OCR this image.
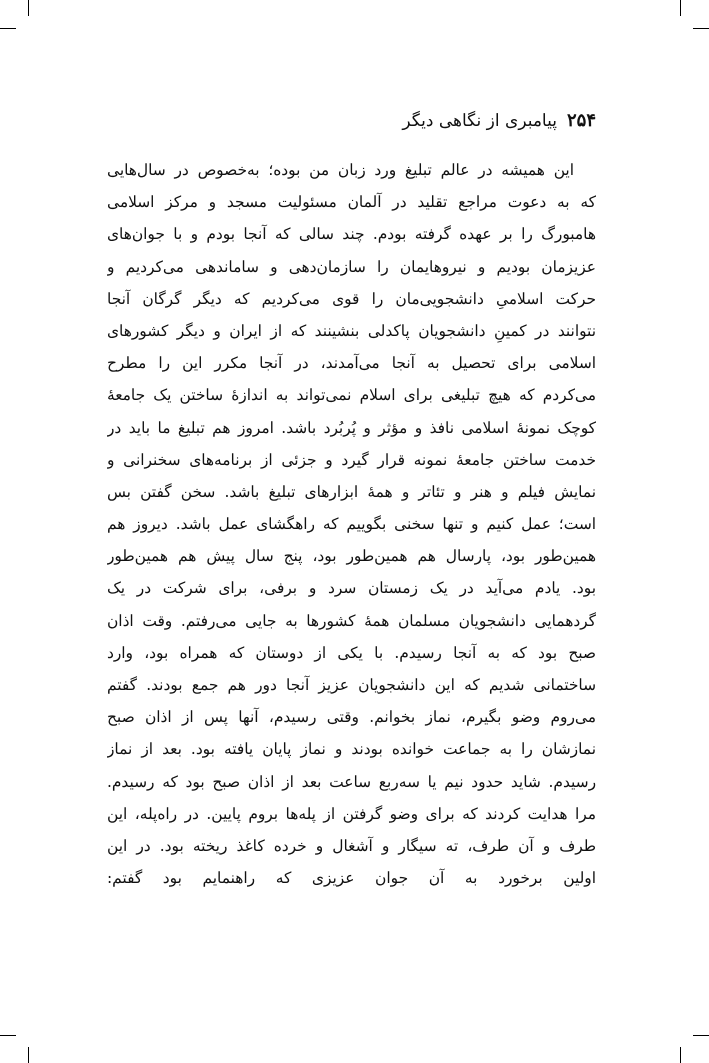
۲۵۴
پیامبری از نگاهی دیگر
این همیشه در عالم تبلیغ ورد زبان من بوده؛ به‌خصوص در سال‌هایی
که به دعوت مراجع تقلید در آلمان مسئولیت مسجد و مرکز اسلامی
هامبورگ را بر عهده گرفته بودم. چند سالی که آنجا بودم و با جوان‌های
عزیزمان بودیم و نیروهایمان را سازمان‌دهی و ساماندهی می‌کردیم و
حرکت اسلامیِ دانشجویی‌مان را قوی می‌کردیم که دیگر گرگان آنجا
نتوانند در کمینِ دانشجویان پاکدلی بنشینند که از ایران و دیگر کشورهای
اسلامی برای تحصیل به آنجا می‌آمدند، در آنجا مکرر این را مطرح
می‌کردم که هیچ تبلیغی برای اسلام نمی‌تواند به اندازهٔ ساختن یک جامعهٔ
کوچک نمونهٔ اسلامی نافذ و مؤثر و پُربُرد باشد. امروز هم تبلیغ ما باید در
خدمت ساختن جامعهٔ نمونه قرار گیرد و جزئی از برنامه‌های سخنرانی و
نمایش فیلم و هنر و تئاتر و همهٔ ابزارهای تبلیغ باشد. سخن گفتن بس
است؛ عمل کنیم و تنها سخنی بگوییم که راهگشای عمل باشد. دیروز هم
همین‌طور بود، پارسال هم همین‌طور بود، پنج سال پیش هم همین‌طور
بود. یادم می‌آید در یک زمستان سرد و برفی، برای شرکت در یک
گردهمایی دانشجویان مسلمان همهٔ کشورها به جایی می‌رفتم. وقت اذان
صبح بود که به آنجا رسیدم. با یکی از دوستان که همراه بود، وارد
ساختمانی شدیم که این دانشجویان عزیز آنجا دور هم جمع بودند. گفتم
می‌روم وضو بگیرم، نماز بخوانم. وقتی رسیدم، آنها پس از اذان صبح
نمازشان را به جماعت خوانده بودند و نماز پایان یافته بود. بعد از نماز
رسیدم. شاید حدود نیم یا سه‌ربع ساعت بعد از اذان صبح بود که رسیدم.
مرا هدایت کردند که برای وضو گرفتن از پله‌ها بروم پایین. در راه‌پله، این
طرف و آن طرف، ته سیگار و آشغال و خرده کاغذ ریخته بود. در این
اولین برخورد به آن جوان عزیزی که راهنمایم بود گفتم:
